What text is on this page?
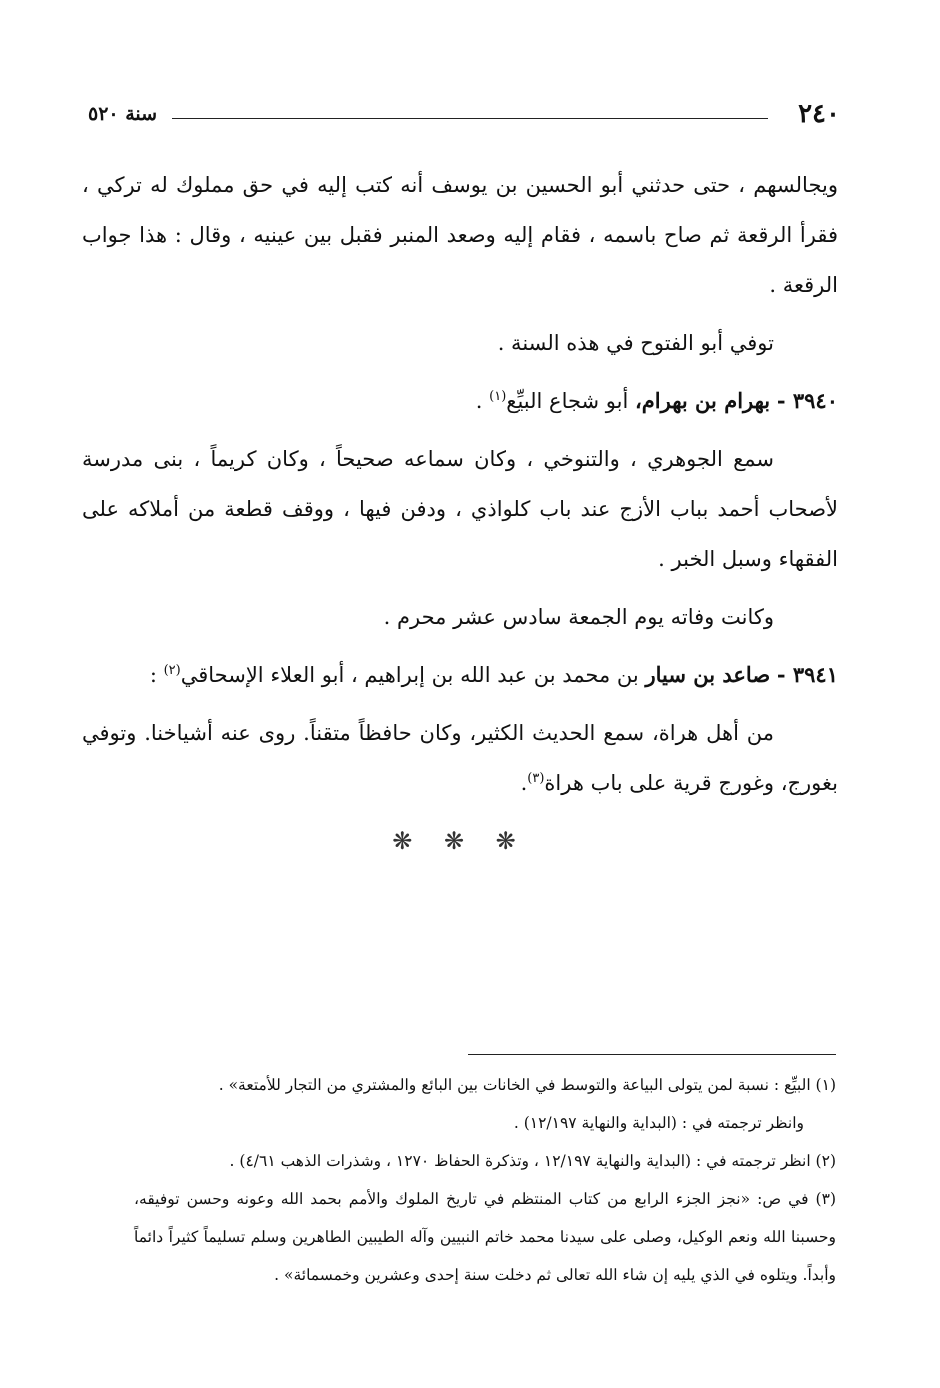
٢٤٠
سنة ٥٢٠

ويجالسهم ، حتى حدثني أبو الحسين بن يوسف أنه كتب إليه في حق مملوك له تركي ، فقرأ الرقعة ثم صاح باسمه ، فقام إليه وصعد المنبر فقبل بين عينيه ، وقال : هذا جواب الرقعة .

توفي أبو الفتوح في هذه السنة .

٣٩٤٠ - بهرام بن بهرام، أبو شجاع البيِّع$^{(١)}$ .

سمع الجوهري ، والتنوخي ، وكان سماعه صحيحاً ، وكان كريماً ، بنى مدرسة لأصحاب أحمد بباب الأزج عند باب كلواذي ، ودفن فيها ، ووقف قطعة من أملاكه على الفقهاء وسبل الخبر .

وكانت وفاته يوم الجمعة سادس عشر محرم .

٣٩٤١ - صاعد بن سيار بن محمد بن عبد الله بن إبراهيم ، أبو العلاء الإسحاقي$^{(٢)}$ :

من أهل هراة، سمع الحديث الكثير، وكان حافظاً متقناً. روى عنه أشياخنا. وتوفي بغورج، وغورج قرية على باب هراة$^{(٣)}$.

❋ ❋ ❋

(١) البيِّع : نسبة لمن يتولى البياعة والتوسط في الخانات بين البائع والمشتري من التجار للأمتعة» .

وانظر ترجمته في : (البداية والنهاية ١٢/١٩٧) .

(٢) انظر ترجمته في : (البداية والنهاية ١٢/١٩٧ ، وتذكرة الحفاظ ١٢٧٠ ، وشذرات الذهب ٤/٦١) .

(٣) في ص: «نجز الجزء الرابع من كتاب المنتظم في تاريخ الملوك والأمم بحمد الله وعونه وحسن توفيقه، وحسبنا الله ونعم الوكيل، وصلى على سيدنا محمد خاتم النبيين وآله الطيبين الطاهرين وسلم تسليماً كثيراً دائماً وأبداً. ويتلوه في الذي يليه إن شاء الله تعالى ثم دخلت سنة إحدى وعشرين وخمسمائة» .
